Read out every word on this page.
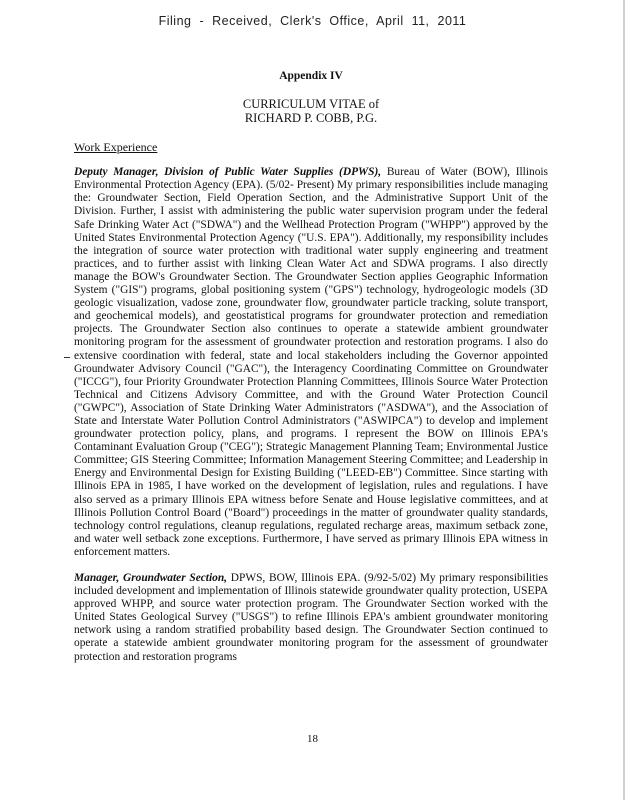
Filing - Received, Clerk's Office, April 11, 2011
Appendix IV
CURRICULUM VITAE of
RICHARD P. COBB, P.G.
Work Experience

Deputy Manager, Division of Public Water Supplies (DPWS), Bureau of Water (BOW), Illinois Environmental Protection Agency (EPA). (5/02- Present) My primary responsibilities include managing the: Groundwater Section, Field Operation Section, and the Administrative Support Unit of the Division. Further, I assist with administering the public water supervision program under the federal Safe Drinking Water Act ("SDWA") and the Wellhead Protection Program ("WHPP") approved by the United States Environmental Protection Agency ("U.S. EPA"). Additionally, my responsibility includes the integration of source water protection with traditional water supply engineering and treatment practices, and to further assist with linking Clean Water Act and SDWA programs. I also directly manage the BOW's Groundwater Section. The Groundwater Section applies Geographic Information System ("GIS") programs, global positioning system ("GPS") technology, hydrogeologic models (3D geologic visualization, vadose zone, groundwater flow, groundwater particle tracking, solute transport, and geochemical models), and geostatistical programs for groundwater protection and remediation projects. The Groundwater Section also continues to operate a statewide ambient groundwater monitoring program for the assessment of groundwater protection and restoration programs. I also do extensive coordination with federal, state and local stakeholders including the Governor appointed Groundwater Advisory Council ("GAC"), the Interagency Coordinating Committee on Groundwater ("ICCG"), four Priority Groundwater Protection Planning Committees, Illinois Source Water Protection Technical and Citizens Advisory Committee, and with the Ground Water Protection Council ("GWPC"), Association of State Drinking Water Administrators ("ASDWA"), and the Association of State and Interstate Water Pollution Control Administrators ("ASWIPCA") to develop and implement groundwater protection policy, plans, and programs. I represent the BOW on Illinois EPA's Contaminant Evaluation Group ("CEG"); Strategic Management Planning Team; Environmental Justice Committee; GIS Steering Committee; Information Management Steering Committee; and Leadership in Energy and Environmental Design for Existing Building ("LEED-EB") Committee. Since starting with Illinois EPA in 1985, I have worked on the development of legislation, rules and regulations. I have also served as a primary Illinois EPA witness before Senate and House legislative committees, and at Illinois Pollution Control Board ("Board") proceedings in the matter of groundwater quality standards, technology control regulations, cleanup regulations, regulated recharge areas, maximum setback zone, and water well setback zone exceptions. Furthermore, I have served as primary Illinois EPA witness in enforcement matters.

Manager, Groundwater Section, DPWS, BOW, Illinois EPA. (9/92-5/02) My primary responsibilities included development and implementation of Illinois statewide groundwater quality protection, USEPA approved WHPP, and source water protection program. The Groundwater Section worked with the United States Geological Survey ("USGS") to refine Illinois EPA's ambient groundwater monitoring network using a random stratified probability based design. The Groundwater Section continued to operate a statewide ambient groundwater monitoring program for the assessment of groundwater protection and restoration programs

18
